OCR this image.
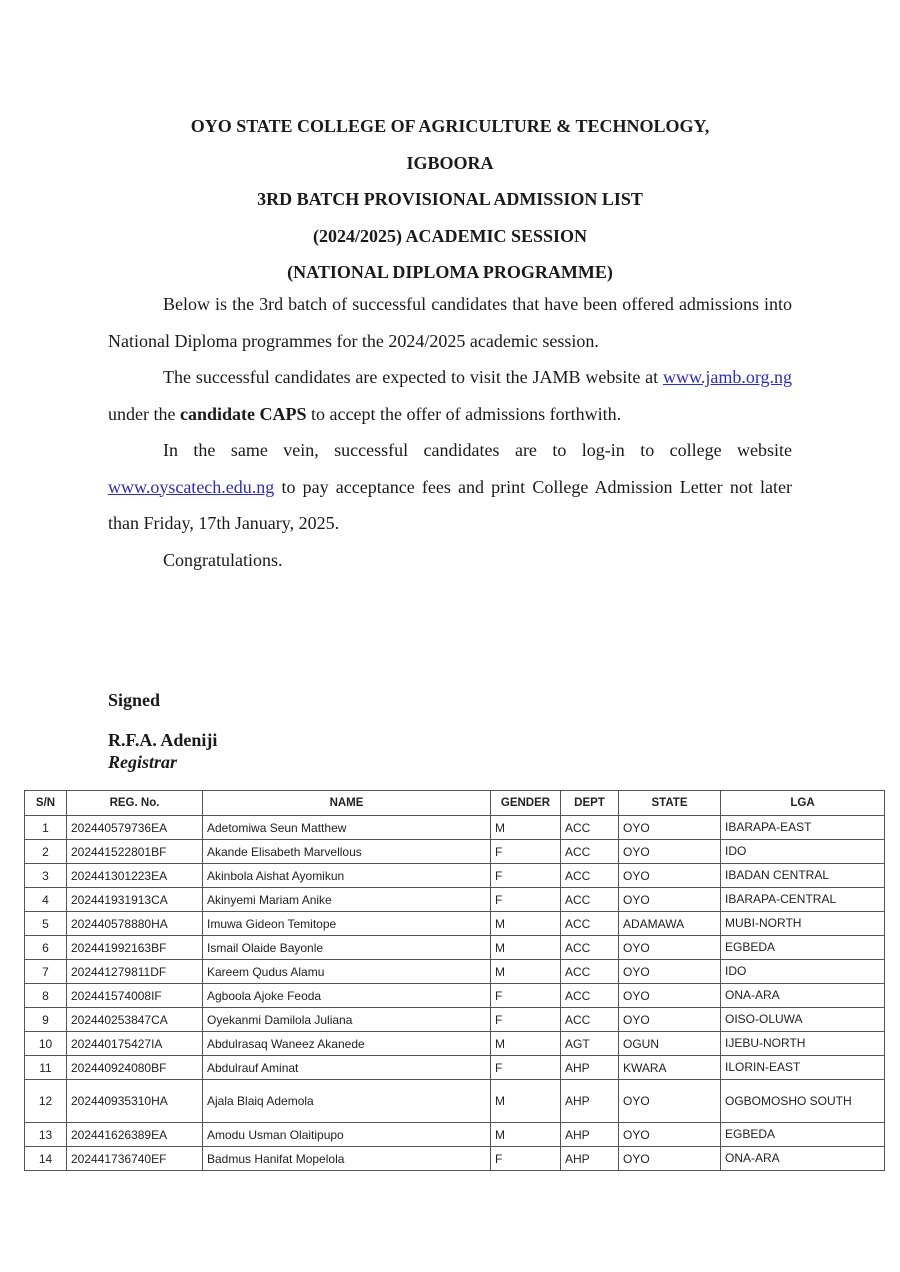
OYO STATE COLLEGE OF AGRICULTURE & TECHNOLOGY,
IGBOORA
3RD BATCH PROVISIONAL ADMISSION LIST
(2024/2025) ACADEMIC SESSION
(NATIONAL DIPLOMA PROGRAMME)

Below is the 3rd batch of successful candidates that have been offered admissions into National Diploma programmes for the 2024/2025 academic session.

The successful candidates are expected to visit the JAMB website at www.jamb.org.ng under the candidate CAPS to accept the offer of admissions forthwith.

In the same vein, successful candidates are to log-in to college website www.oyscatech.edu.ng to pay acceptance fees and print College Admission Letter not later than Friday, 17th January, 2025.

Congratulations.

Signed
R.F.A. Adeniji
Registrar
S/N	REG. No.	NAME	GENDER	DEPT	STATE	LGA
1	202440579736EA	Adetomiwa Seun Matthew	M	ACC	OYO	IBARAPA-EAST
2	202441522801BF	Akande Elisabeth Marvellous	F	ACC	OYO	IDO
3	202441301223EA	Akinbola Aishat Ayomikun	F	ACC	OYO	IBADAN CENTRAL
4	202441931913CA	Akinyemi Mariam Anike	F	ACC	OYO	IBARAPA-CENTRAL
5	202440578880HA	Imuwa Gideon Temitope	M	ACC	ADAMAWA	MUBI-NORTH
6	202441992163BF	Ismail Olaide Bayonle	M	ACC	OYO	EGBEDA
7	202441279811DF	Kareem Qudus Alamu	M	ACC	OYO	IDO
8	202441574008IF	Agboola Ajoke Feoda	F	ACC	OYO	ONA-ARA
9	202440253847CA	Oyekanmi Damilola Juliana	F	ACC	OYO	OISO-OLUWA
10	202440175427IA	Abdulrasaq Waneez Akanede	M	AGT	OGUN	IJEBU-NORTH
11	202440924080BF	Abdulrauf Aminat	F	AHP	KWARA	ILORIN-EAST
12	202440935310HA	Ajala Blaiq Ademola	M	AHP	OYO	OGBOMOSHO SOUTH
13	202441626389EA	Amodu Usman Olaitipupo	M	AHP	OYO	EGBEDA
14	202441736740EF	Badmus Hanifat Mopelola	F	AHP	OYO	ONA-ARA
